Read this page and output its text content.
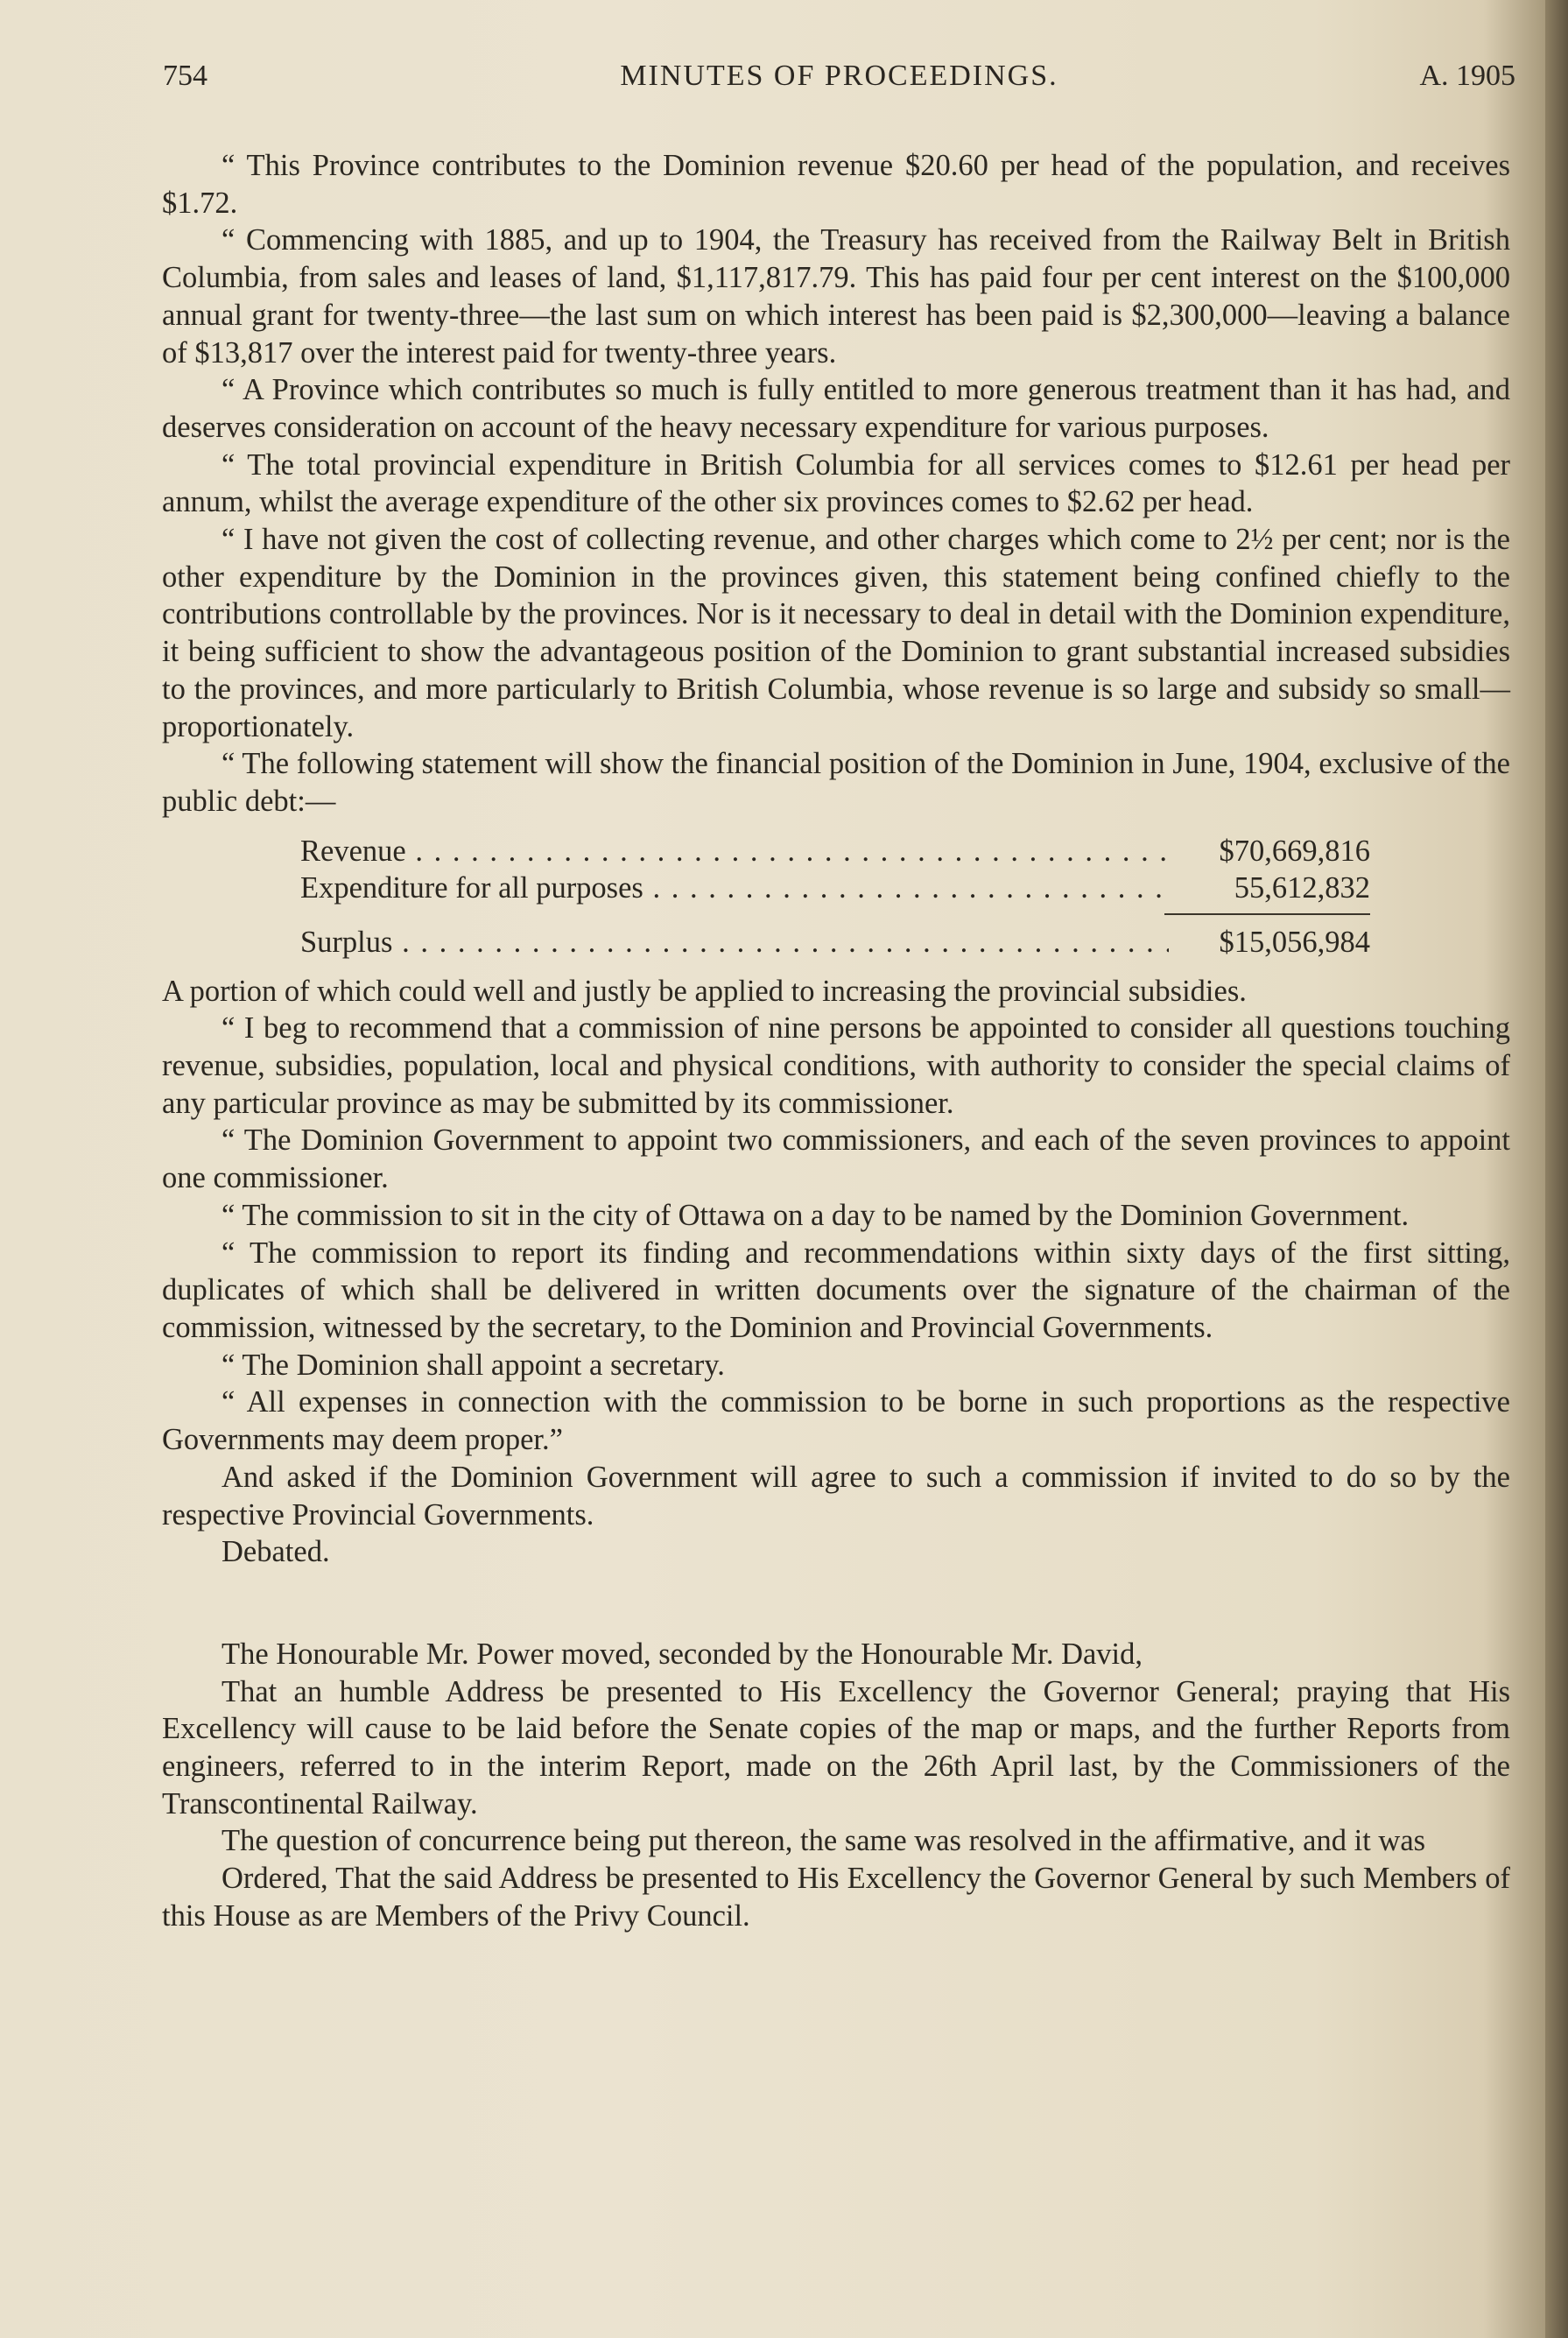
MINUTES OF PROCEEDINGS.
754	A. 1905

“ This Province contributes to the Dominion revenue $20.60 per head of the population, and receives $1.72.

“ Commencing with 1885, and up to 1904, the Treasury has received from the Railway Belt in British Columbia, from sales and leases of land, $1,117,817.79. This has paid four per cent interest on the $100,000 annual grant for twenty-three—the last sum on which interest has been paid is $2,300,000—leaving a balance of $13,817 over the interest paid for twenty-three years.

“ A Province which contributes so much is fully entitled to more generous treatment than it has had, and deserves consideration on account of the heavy necessary expenditure for various purposes.

“ The total provincial expenditure in British Columbia for all services comes to $12.61 per head per annum, whilst the average expenditure of the other six provinces comes to $2.62 per head.

“ I have not given the cost of collecting revenue, and other charges which come to 2½ per cent; nor is the other expenditure by the Dominion in the provinces given, this statement being confined chiefly to the contributions controllable by the provinces. Nor is it necessary to deal in detail with the Dominion expenditure, it being sufficient to show the advantageous position of the Dominion to grant substantial increased subsidies to the provinces, and more particularly to British Columbia, whose revenue is so large and subsidy so small—proportionately.

“ The following statement will show the financial position of the Dominion in June, 1904, exclusive of the public debt:—

Revenue . . .	$70,669,816
Expenditure for all purposes . . .	55,612,832
Surplus . . .	$15,056,984

A portion of which could well and justly be applied to increasing the provincial subsidies.

“ I beg to recommend that a commission of nine persons be appointed to consider all questions touching revenue, subsidies, population, local and physical conditions, with authority to consider the special claims of any particular province as may be submitted by its commissioner.

“ The Dominion Government to appoint two commissioners, and each of the seven provinces to appoint one commissioner.

“ The commission to sit in the city of Ottawa on a day to be named by the Dominion Government.

“ The commission to report its finding and recommendations within sixty days of the first sitting, duplicates of which shall be delivered in written documents over the signature of the chairman of the commission, witnessed by the secretary, to the Dominion and Provincial Governments.

“ The Dominion shall appoint a secretary.

“ All expenses in connection with the commission to be borne in such proportions as the respective Governments may deem proper.”

And asked if the Dominion Government will agree to such a commission if invited to do so by the respective Provincial Governments.

Debated.

The Honourable Mr. Power moved, seconded by the Honourable Mr. David,

That an humble Address be presented to His Excellency the Governor General; praying that His Excellency will cause to be laid before the Senate copies of the map or maps, and the further Reports from engineers, referred to in the interim Report, made on the 26th April last, by the Commissioners of the Transcontinental Railway.

The question of concurrence being put thereon, the same was resolved in the affirmative, and it was

Ordered, That the said Address be presented to His Excellency the Governor General by such Members of this House as are Members of the Privy Council.
